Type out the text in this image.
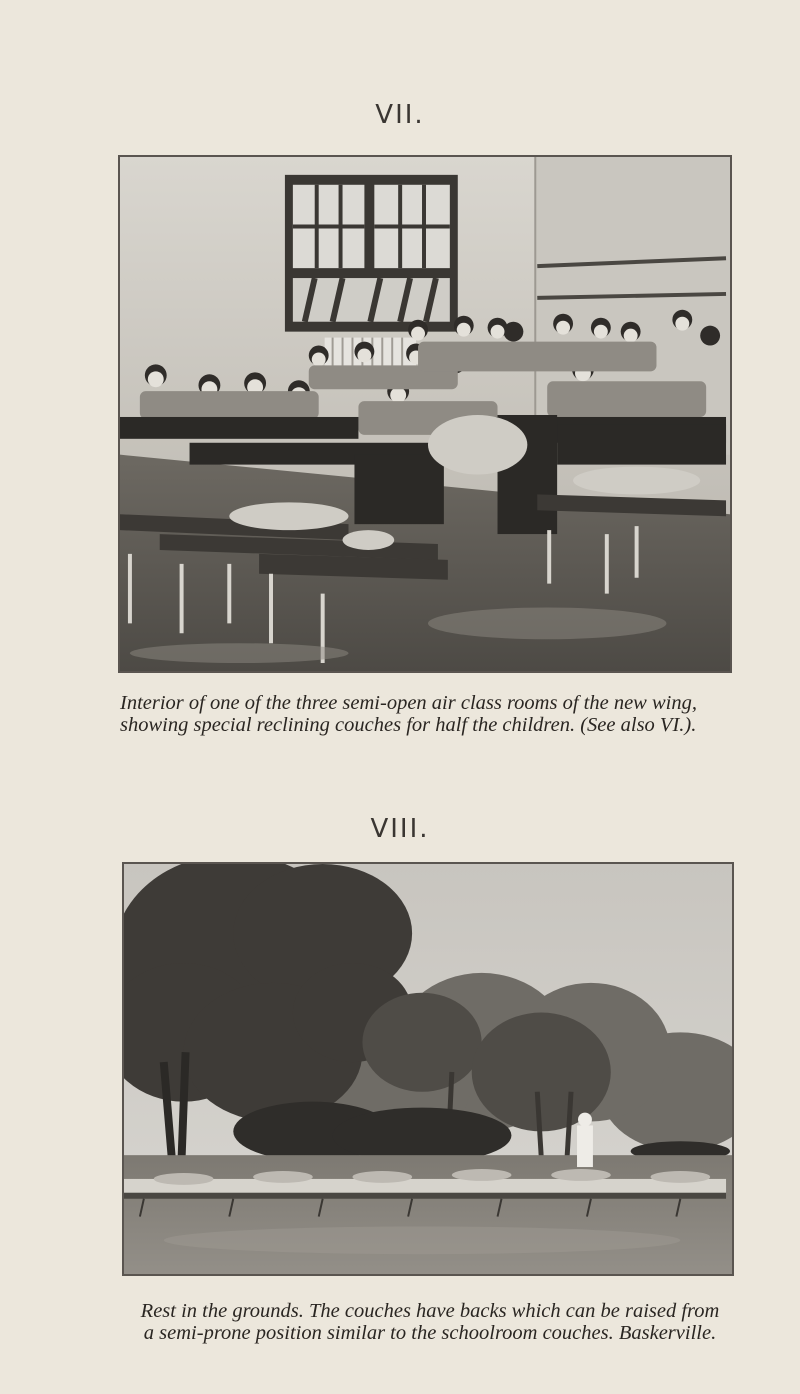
VII.
Interior of one of the three semi-open air class rooms of the new wing,
showing special reclining couches for half the children. (See also VI.).
VIII.
Rest in the grounds. The couches have backs which can be raised from
a semi-prone position similar to the schoolroom couches. Baskerville.
